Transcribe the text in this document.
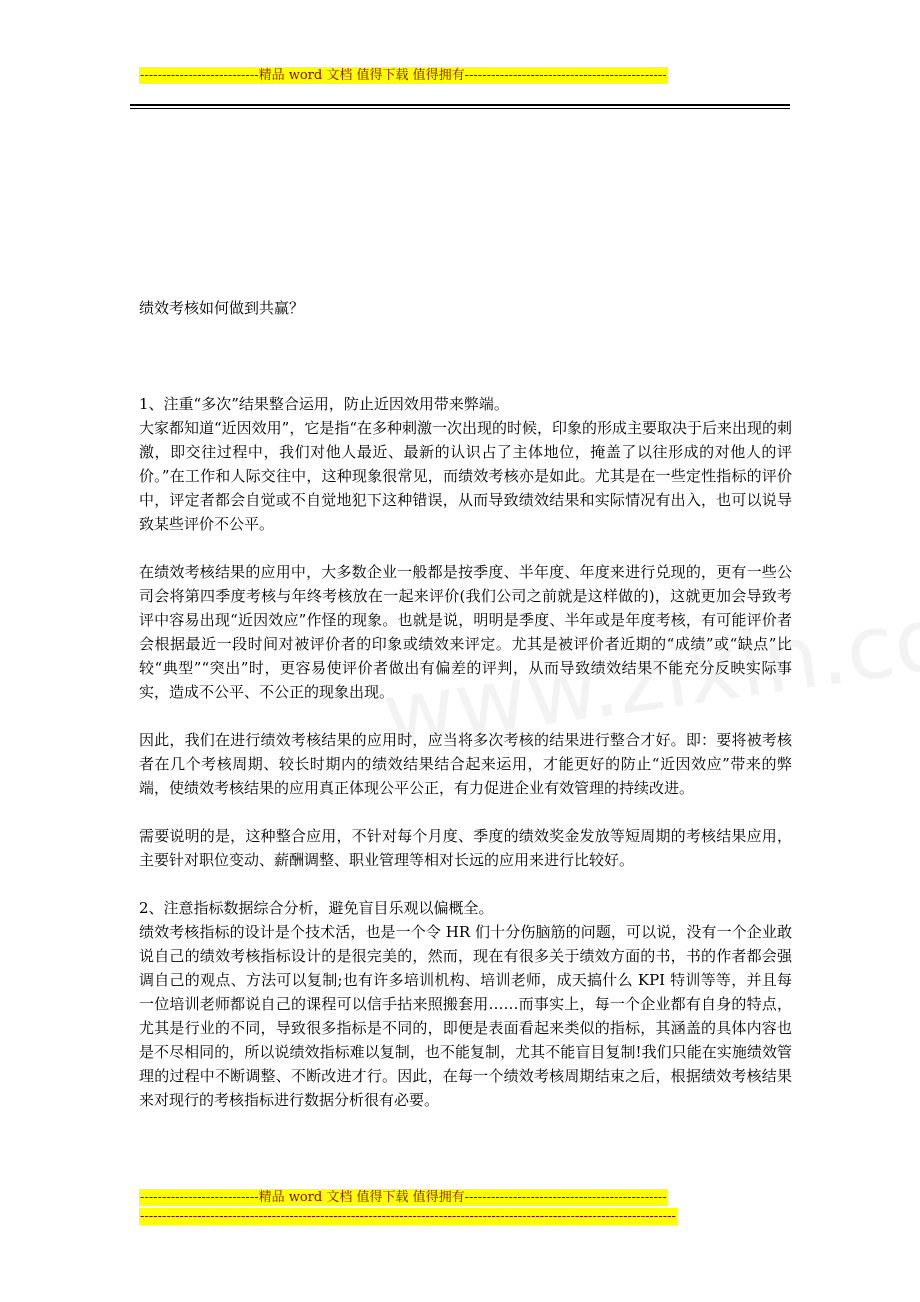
---------------------------精品 word 文档 值得下载 值得拥有----------------------------------------------

绩效考核如何做到共赢？

1、注重“多次”结果整合运用，防止近因效用带来弊端。

大家都知道“近因效用”，它是指“在多种刺激一次出现的时候，印象的形成主要取决于后来出现的刺激，即交往过程中，我们对他人最近、最新的认识占了主体地位，掩盖了以往形成的对他人的评价。”在工作和人际交往中，这种现象很常见，而绩效考核亦是如此。尤其是在一些定性指标的评价中，评定者都会自觉或不自觉地犯下这种错误，从而导致绩效结果和实际情况有出入，也可以说导致某些评价不公平。

在绩效考核结果的应用中，大多数企业一般都是按季度、半年度、年度来进行兑现的，更有一些公司会将第四季度考核与年终考核放在一起来评价(我们公司之前就是这样做的)，这就更加会导致考评中容易出现“近因效应”作怪的现象。也就是说，明明是季度、半年或是年度考核，有可能评价者会根据最近一段时间对被评价者的印象或绩效来评定。尤其是被评价者近期的“成绩”或“缺点”比较“典型”“突出”时，更容易使评价者做出有偏差的评判，从而导致绩效结果不能充分反映实际事实，造成不公平、不公正的现象出现。

因此，我们在进行绩效考核结果的应用时，应当将多次考核的结果进行整合才好。即：要将被考核者在几个考核周期、较长时期内的绩效结果结合起来运用，才能更好的防止“近因效应”带来的弊端，使绩效考核结果的应用真正体现公平公正，有力促进企业有效管理的持续改进。

需要说明的是，这种整合应用，不针对每个月度、季度的绩效奖金发放等短周期的考核结果应用，主要针对职位变动、薪酬调整、职业管理等相对长远的应用来进行比较好。

2、注意指标数据综合分析，避免盲目乐观以偏概全。

绩效考核指标的设计是个技术活，也是一个令 HR 们十分伤脑筋的问题，可以说，没有一个企业敢说自己的绩效考核指标设计的是很完美的，然而，现在有很多关于绩效方面的书，书的作者都会强调自己的观点、方法可以复制;也有许多培训机构、培训老师，成天搞什么 KPI 特训等等，并且每一位培训老师都说自己的课程可以信手拈来照搬套用……而事实上，每一个企业都有自身的特点，尤其是行业的不同，导致很多指标是不同的，即便是表面看起来类似的指标，其涵盖的具体内容也是不尽相同的，所以说绩效指标难以复制，也不能复制，尤其不能盲目复制!我们只能在实施绩效管理的过程中不断调整、不断改进才行。因此，在每一个绩效考核周期结束之后，根据绩效考核结果来对现行的考核指标进行数据分析很有必要。

---------------------------精品 word 文档 值得下载 值得拥有----------------------------------------------
--------------------------------------------------------------------------------------------------------------------------
